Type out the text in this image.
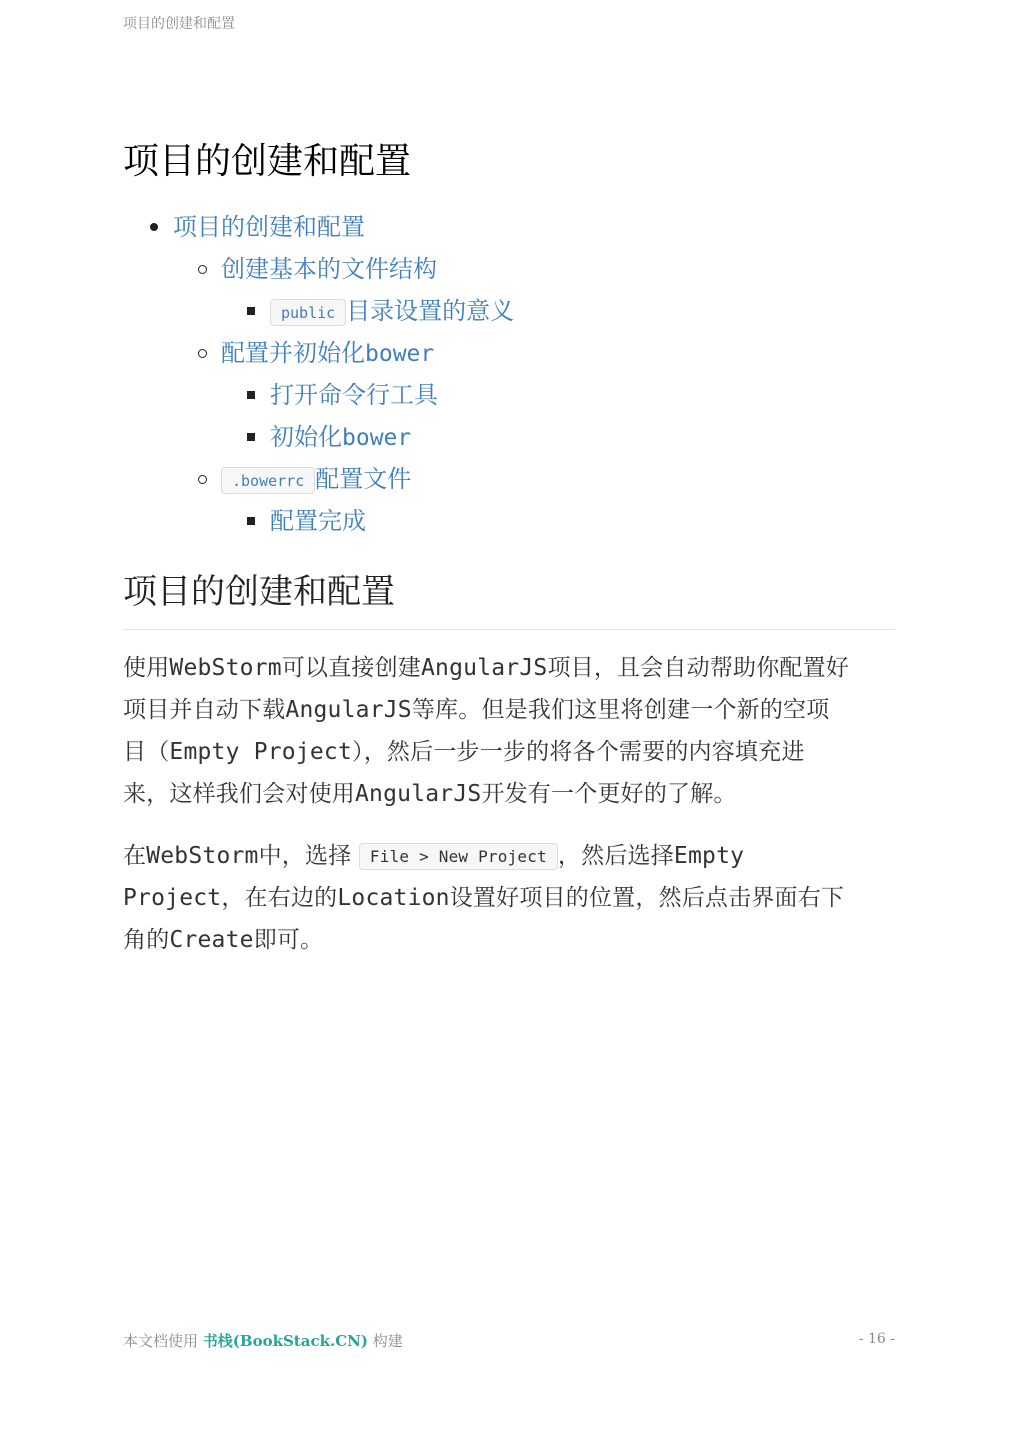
项目的创建和配置
项目的创建和配置
项目的创建和配置
创建基本的文件结构
public 目录设置的意义
配置并初始化bower
打开命令行工具
初始化bower
.bowerrc 配置文件
配置完成
项目的创建和配置

使用WebStorm可以直接创建AngularJS项目，且会自动帮助你配置好
项目并自动下载AngularJS等库。但是我们这里将创建一个新的空项
目（Empty Project），然后一步一步的将各个需要的内容填充进
来，这样我们会对使用AngularJS开发有一个更好的了解。

在WebStorm中，选择 File > New Project ，然后选择Empty
Project，在右边的Location设置好项目的位置，然后点击界面右下
角的Create即可。

本文档使用 书栈(BookStack.CN) 构建	- 16 -
